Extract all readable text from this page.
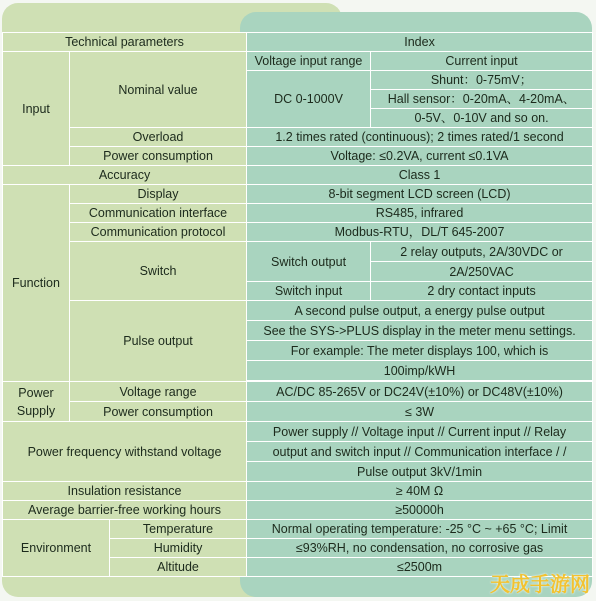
Technical parameters			Index	
Input	Nominal value		Voltage input range	Current input
			DC 0-1000V	Shunt：0-75mV；
				Hall sensor：0-20mA、4-20mA、
				0-5V、0-10V and so on.
	Overload		1.2 times rated (continuous); 2 times rated/1 second	
	Power consumption		Voltage: ≤0.2VA, current ≤0.1VA	
Accuracy			Class 1	
Function	Display		8-bit segment LCD screen (LCD)	
	Communication interface		RS485, infrared	
	Communication protocol		Modbus-RTU，DL/T 645-2007	
	Switch		Switch output	2 relay outputs, 2A/30VDC or
				2A/250VAC
			Switch input	2 dry contact inputs
	Pulse output		A second pulse output, a energy pulse output	
			See the SYS->PLUS display in the meter menu settings.	
			For example: The meter displays 100, which is	
			100imp/kWH	

Power
Supply	Voltage range		AC/DC 85-265V or DC24V(±10%) or DC48V(±10%)	
	Power consumption		≤ 3W	
Power frequency withstand voltage			Power supply // Voltage input // Current input // Relay	
			output and switch input // Communication interface / /	
			Pulse output 3kV/1min	
Insulation resistance			≥ 40M Ω	
Average barrier-free working hours			≥50000h	
Environment		Temperature	Normal operating temperature: -25 °C ~ +65 °C; Limit	
		Humidity	≤93%RH, no condensation, no corrosive gas	
		Altitude	≤2500m	
天成手游网
